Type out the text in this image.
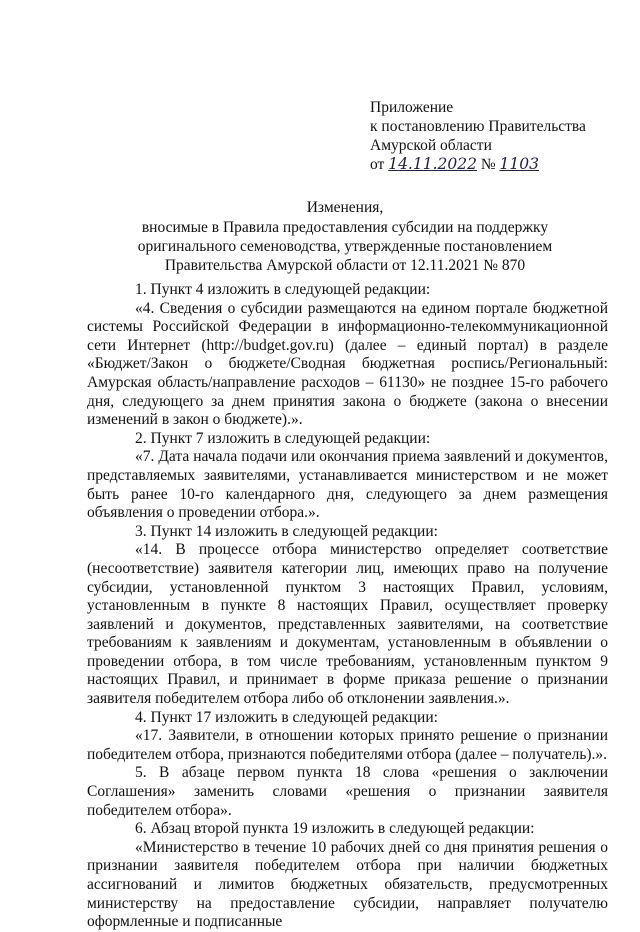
Приложение
к постановлению Правительства
Амурской области
от 14.11.2022 № 1103
Изменения,
вносимые в Правила предоставления субсидии на поддержку оригинального семеноводства, утвержденные постановлением Правительства Амурской области от 12.11.2021 № 870

1. Пункт 4 изложить в следующей редакции:

«4. Сведения о субсидии размещаются на едином портале бюджетной системы Российской Федерации в информационно-телекоммуникационной сети Интернет (http://budget.gov.ru) (далее – единый портал) в разделе «Бюджет/Закон о бюджете/Сводная бюджетная роспись/Региональный: Амурская область/направление расходов – 61130» не позднее 15-го рабочего дня, следующего за днем принятия закона о бюджете (закона о внесении изменений в закон о бюджете).».

2. Пункт 7 изложить в следующей редакции:

«7. Дата начала подачи или окончания приема заявлений и документов, представляемых заявителями, устанавливается министерством и не может быть ранее 10-го календарного дня, следующего за днем размещения объявления о проведении отбора.».

3. Пункт 14 изложить в следующей редакции:

«14. В процессе отбора министерство определяет соответствие (несоответствие) заявителя категории лиц, имеющих право на получение субсидии, установленной пунктом 3 настоящих Правил, условиям, установленным в пункте 8 настоящих Правил, осуществляет проверку заявлений и документов, представленных заявителями, на соответствие требованиям к заявлениям и документам, установленным в объявлении о проведении отбора, в том числе требованиям, установленным пунктом 9 настоящих Правил, и принимает в форме приказа решение о признании заявителя победителем отбора либо об отклонении заявления.».

4. Пункт 17 изложить в следующей редакции:

«17. Заявители, в отношении которых принято решение о признании победителем отбора, признаются победителями отбора (далее – получатель).».

5. В абзаце первом пункта 18 слова «решения о заключении Соглашения» заменить словами «решения о признании заявителя победителем отбора».

6. Абзац второй пункта 19 изложить в следующей редакции:

«Министерство в течение 10 рабочих дней со дня принятия решения о признании заявителя победителем отбора при наличии бюджетных ассигнований и лимитов бюджетных обязательств, предусмотренных министерству на предоставление субсидии, направляет получателю оформленные и подписанные
